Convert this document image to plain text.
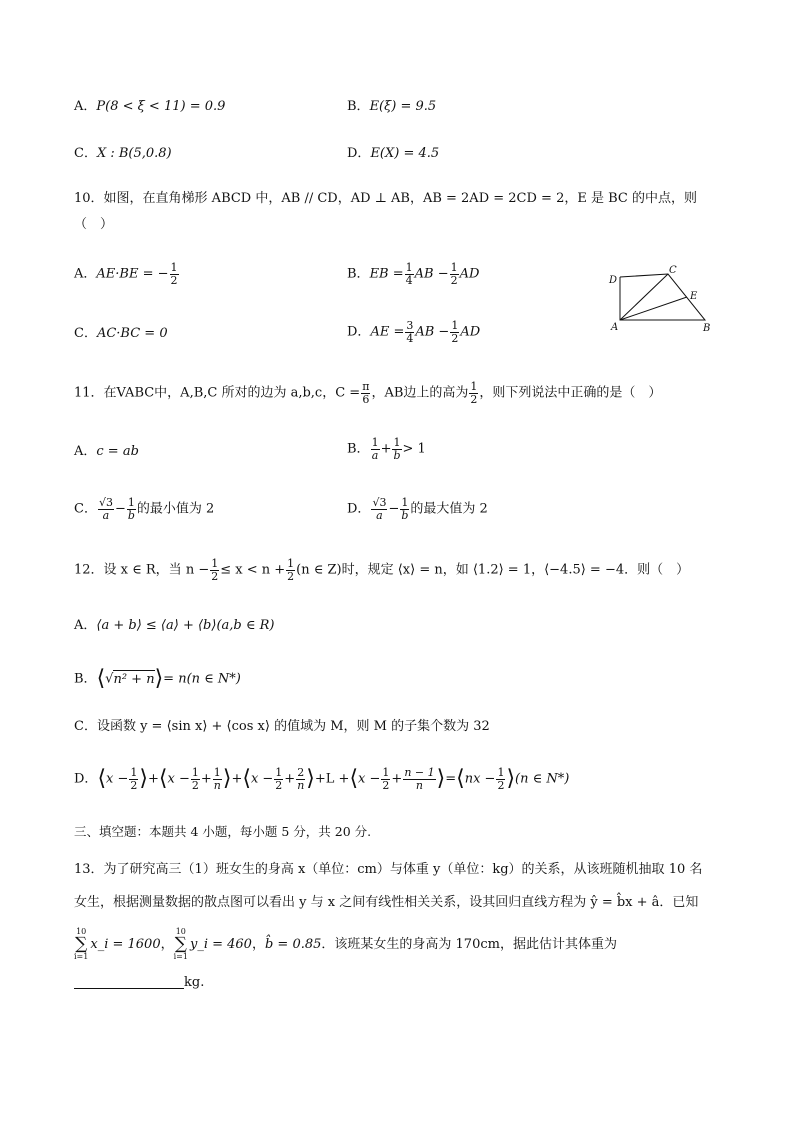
A．P(8 < ξ < 11) = 0.9	B．E(ξ) = 9.5
C．X : B(5,0.8)	D．E(X) = 4.5
10．如图，在直角梯形 ABCD 中，AB // CD，AD ⊥ AB，AB = 2AD = 2CD = 2，E 是 BC 的中点，则
（　）
A．AE·BE = − $\frac{1}{2}$	B．EB = $\frac{1}{4}$ AB − $\frac{1}{2}$ AD
C．AC·BC = 0	D．AE = $\frac{3}{4}$ AB − $\frac{1}{2}$ AD
D
C
E
A	B
11．在VABC中，A,B,C 所对的边为 a,b,c，$C = \frac{\pi}{6}$ ，AB边上的高为 $\frac{1}{2}$ ，则下列说法中正确的是（　）
A．c = ab	B． $\frac{1}{a} + \frac{1}{b} > 1$
C． $\frac{√3}{a} - \frac{1}{b}$ 的最小值为 2	D． $\frac{√3}{a} - \frac{1}{b}$ 的最大值为 2
12．设 x ∈ R，当 $n - \frac{1}{2} \le x < n + \frac{1}{2} (n$ ∈ Z)时，规定 ⟨x⟩ = n，如 ⟨1.2⟩ = 1，⟨−4.5⟩ = −4．则（　）
A．⟨a + b⟩ ≤ ⟨a⟩ + ⟨b⟩(a,b ∈ R)
B．⟨√n² + n⟩= n(n ∈ N*)
C．设函数 y = ⟨sin x⟩ + ⟨cos x⟩ 的值域为 M，则 M 的子集个数为 32
D．⟨x − $\frac{1}{2}$ ⟩+⟨x − $\frac{1}{2} + \frac{1}{n}$ ⟩+⟨x − $\frac{1}{2} + \frac{2}{n}$ ⟩+L +⟨x − $\frac{1}{2} + \frac{n - 1}{n}$ ⟩=⟨nx − $\frac{1}{2}$ ⟩(n ∈ N*)
三、填空题：本题共 4 小题，每小题 5 分，共 20 分.
13．为了研究高三（1）班女生的身高 x（单位：cm）与体重 y（单位：kg）的关系，从该班随机抽取 10 名
女生，根据测量数据的散点图可以看出 y 与 x 之间有线性相关关系，设其回归直线方程为 ŷ = b̂x + â．已知
10
∑
i=1x_i = 1600，10
∑
i=1y_i = 460，b̂ = 0.85．该班某女生的身高为 170cm，据此估计其体重为
kg.
